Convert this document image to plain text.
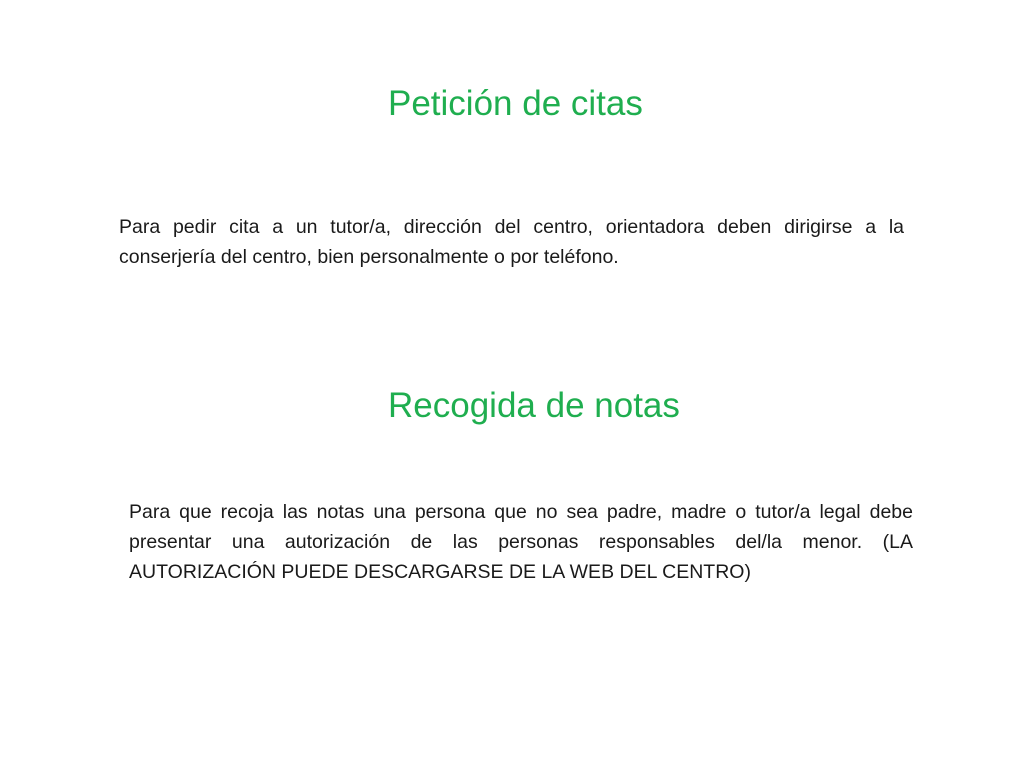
Petición de citas

Para pedir cita a un tutor/a, dirección del centro, orientadora deben dirigirse a la conserjería del centro, bien personalmente o por teléfono.

Recogida de notas

Para que recoja las notas una persona que no sea padre, madre o tutor/a legal debe presentar una autorización de las personas responsables del/la menor. (LA AUTORIZACIÓN PUEDE DESCARGARSE DE LA WEB DEL CENTRO)
